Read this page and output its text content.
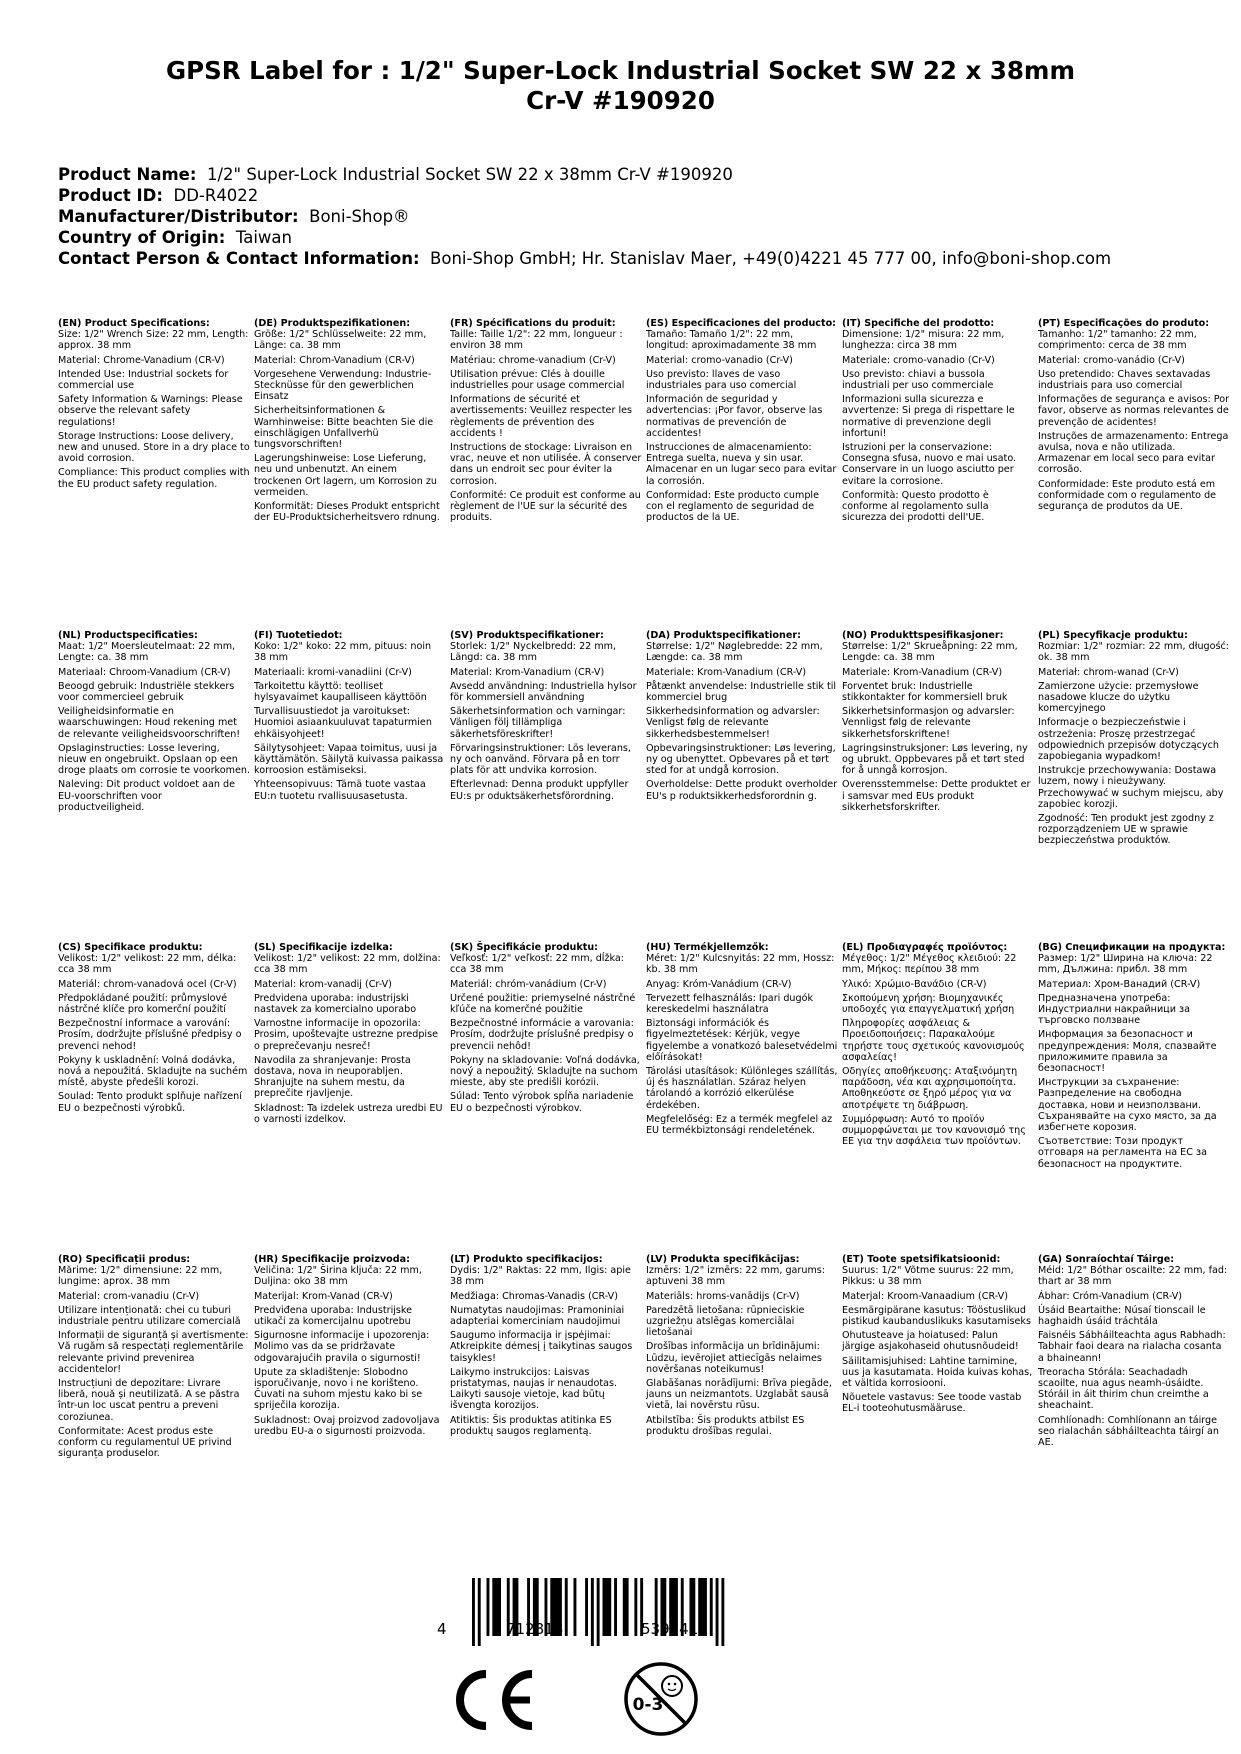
GPSR Label for : 1/2" Super-Lock Industrial Socket SW 22 x 38mm
Cr-V #190920
Product Name: 1/2" Super-Lock Industrial Socket SW 22 x 38mm Cr-V #190920
Product ID: DD-R4022
Manufacturer/Distributor: Boni-Shop®
Country of Origin: Taiwan
Contact Person & Contact Information: Boni-Shop GmbH; Hr. Stanislav Maer, +49(0)4221 45 777 00, info@boni-shop.com
(EN) Product Specifications:

Size: 1/2" Wrench Size: 22 mm, Length: approx. 38 mm

Material: Chrome-Vanadium (CR-V)

Intended Use: Industrial sockets for commercial use

Safety Information & Warnings: Please observe the relevant safety regulations!

Storage Instructions: Loose delivery, new and unused. Store in a dry place to avoid corrosion.

Compliance: This product complies with the EU product safety regulation.

(DE) Produktspezifikationen:

Größe: 1/2" Schlüsselweite: 22 mm, Länge: ca. 38 mm

Material: Chrom-Vanadium (CR-V)

Vorgesehene Verwendung: Industrie-Stecknüsse für den gewerblichen Einsatz

Sicherheitsinformationen & Warnhinweise: Bitte beachten Sie die einschlägigen Unfallverhü tungsvorschriften!

Lagerungshinweise: Lose Lieferung, neu und unbenutzt. An einem trockenen Ort lagern, um Korrosion zu vermeiden.

Konformität: Dieses Produkt entspricht der EU-Produktsicherheitsvero rdnung.

(FR) Spécifications du produit:

Taille: Taille 1/2": 22 mm, longueur : environ 38 mm

Matériau: chrome-vanadium (Cr-V)

Utilisation prévue: Clés à douille industrielles pour usage commercial

Informations de sécurité et avertissements: Veuillez respecter les règlements de prévention des accidents !

Instructions de stockage: Livraison en vrac, neuve et non utilisée. À conserver dans un endroit sec pour éviter la corrosion.

Conformité: Ce produit est conforme au règlement de l'UE sur la sécurité des produits.

(ES) Especificaciones del producto:

Tamaño: Tamaño 1/2": 22 mm, longitud: aproximadamente 38 mm

Material: cromo-vanadio (Cr-V)

Uso previsto: llaves de vaso industriales para uso comercial

Información de seguridad y advertencias: ¡Por favor, observe las normativas de prevención de accidentes!

Instrucciones de almacenamiento: Entrega suelta, nueva y sin usar. Almacenar en un lugar seco para evitar la corrosión.

Conformidad: Este producto cumple con el reglamento de seguridad de productos de la UE.

(IT) Specifiche del prodotto:

Dimensione: 1/2" misura: 22 mm, lunghezza: circa 38 mm

Materiale: cromo-vanadio (Cr-V)

Uso previsto: chiavi a bussola industriali per uso commerciale

Informazioni sulla sicurezza e avvertenze: Si prega di rispettare le normative di prevenzione degli infortuni!

Istruzioni per la conservazione: Consegna sfusa, nuovo e mai usato. Conservare in un luogo asciutto per evitare la corrosione.

Conformità: Questo prodotto è conforme al regolamento sulla sicurezza dei prodotti dell'UE.

(PT) Especificações do produto:

Tamanho: 1/2" tamanho: 22 mm, comprimento: cerca de 38 mm

Material: cromo-vanádio (Cr-V)

Uso pretendido: Chaves sextavadas industriais para uso comercial

Informações de segurança e avisos: Por favor, observe as normas relevantes de prevenção de acidentes!

Instruções de armazenamento: Entrega avulsa, nova e não utilizada. Armazenar em local seco para evitar corrosão.

Conformidade: Este produto está em conformidade com o regulamento de segurança de produtos da UE.

(NL) Productspecificaties:

Maat: 1/2" Moersleutelmaat: 22 mm, Lengte: ca. 38 mm

Materiaal: Chroom-Vanadium (CR-V)

Beoogd gebruik: Industriële stekkers voor commercieel gebruik

Veiligheidsinformatie en waarschuwingen: Houd rekening met de relevante veiligheidsvoorschriften!

Opslaginstructies: Losse levering, nieuw en ongebruikt. Opslaan op een droge plaats om corrosie te voorkomen.

Naleving: Dit product voldoet aan de EU-voorschriften voor productveiligheid.

(FI) Tuotetiedot:

Koko: 1/2" koko: 22 mm, pituus: noin 38 mm

Materiaali: kromi-vanadiini (Cr-V)

Tarkoitettu käyttö: teolliset hylsyavaimet kaupalliseen käyttöön

Turvallisuustiedot ja varoitukset: Huomioi asiaankuuluvat tapaturmien ehkäisyohjeet!

Säilytysohjeet: Vapaa toimitus, uusi ja käyttämätön. Säilytä kuivassa paikassa korroosion estämiseksi.

Yhteensopivuus: Tämä tuote vastaa EU:n tuotetu rvallisuusasetusta.

(SV) Produktspecifikationer:

Storlek: 1/2" Nyckelbredd: 22 mm, Längd: ca. 38 mm

Material: Krom-Vanadium (CR-V)

Avsedd användning: Industriella hylsor för kommersiell användning

Säkerhetsinformation och varningar: Vänligen följ tillämpliga säkerhetsföreskrifter!

Förvaringsinstruktioner: Lös leverans, ny och oanvänd. Förvara på en torr plats för att undvika korrosion.

Efterlevnad: Denna produkt uppfyller EU:s pr oduktsäkerhetsförordning.

(DA) Produktspecifikationer:

Størrelse: 1/2" Nøglebredde: 22 mm, Længde: ca. 38 mm

Materiale: Krom-Vanadium (CR-V)

Påtænkt anvendelse: Industrielle stik til kommerciel brug

Sikkerhedsinformation og advarsler: Venligst følg de relevante sikkerhedsbestemmelser!

Opbevaringsinstruktioner: Løs levering, ny og ubenyttet. Opbevares på et tørt sted for at undgå korrosion.

Overholdelse: Dette produkt overholder EU's p roduktsikkerhedsforordnin g.

(NO) Produkttspesifikasjoner:

Størrelse: 1/2" Skrueåpning: 22 mm, Lengde: ca. 38 mm

Materiale: Krom-Vanadium (CR-V)

Forventet bruk: Industrielle stikkontakter for kommersiell bruk

Sikkerhetsinformasjon og advarsler: Vennligst følg de relevante sikkerhetsforskriftene!

Lagringsinstruksjoner: Løs levering, ny og ubrukt. Oppbevares på et tørt sted for å unngå korrosjon.

Overensstemmelse: Dette produktet er i samsvar med EUs produkt sikkerhetsforskrifter.

(PL) Specyfikacje produktu:

Rozmiar: 1/2" rozmiar: 22 mm, długość: ok. 38 mm

Materiał: chrom-wanad (Cr-V)

Zamierzone użycie: przemysłowe nasadowe klucze do użytku komercyjnego

Informacje o bezpieczeństwie i ostrzeżenia: Proszę przestrzegać odpowiednich przepisów dotyczących zapobiegania wypadkom!

Instrukcje przechowywania: Dostawa luzem, nowy i nieużywany. Przechowywać w suchym miejscu, aby zapobiec korozji.

Zgodność: Ten produkt jest zgodny z rozporządzeniem UE w sprawie bezpieczeństwa produktów.

(CS) Specifikace produktu:

Velikost: 1/2" velikost: 22 mm, délka: cca 38 mm

Materiál: chrom-vanadová ocel (Cr-V)

Předpokládané použití: průmyslové nástrčné klíče pro komerční použití

Bezpečnostní informace a varování: Prosím, dodržujte příslušné předpisy o prevenci nehod!

Pokyny k uskladnění: Volná dodávka, nová a nepoužitá. Skladujte na suchém místě, abyste předešli korozi.

Soulad: Tento produkt splňuje nařízení EU o bezpečnosti výrobků.

(SL) Specifikacije izdelka:

Velikost: 1/2" velikost: 22 mm, dolžina: cca 38 mm

Material: krom-vanadij (Cr-V)

Predvidena uporaba: industrijski nastavek za komercialno uporabo

Varnostne informacije in opozorila: Prosim, upoštevajte ustrezne predpise o preprečevanju nesreč!

Navodila za shranjevanje: Prosta dostava, nova in neuporabljen. Shranjujte na suhem mestu, da preprečite rjavljenje.

Skladnost: Ta izdelek ustreza uredbi EU o varnosti izdelkov.

(SK) Špecifikácie produktu:

Veľkosť: 1/2" veľkosť: 22 mm, dĺžka: cca 38 mm

Materiál: chróm-vanádium (Cr-V)

Určené použitie: priemyselné nástrčné kľúče na komerčné použitie

Bezpečnostné informácie a varovania: Prosím, dodržujte príslušné predpisy o prevencii nehôd!

Pokyny na skladovanie: Voľná dodávka, nový a nepoužitý. Skladujte na suchom mieste, aby ste predišli korózii.

Súlad: Tento výrobok spĺňa nariadenie EU o bezpečnosti výrobkov.

(HU) Termékjellemzők:

Méret: 1/2" Kulcsnyitás: 22 mm, Hossz: kb. 38 mm

Anyag: Króm-Vanádium (CR-V)

Tervezett felhasználás: Ipari dugók kereskedelmi használatra

Biztonsági információk és figyelmeztetések: Kérjük, vegye figyelembe a vonatkozó balesetvédelmi előírásokat!

Tárolási utasítások: Különleges szállítás, új és használatlan. Száraz helyen tárolandó a korrózió elkerülése érdekében.

Megfelelőség: Ez a termék megfelel az EU termékbiztonsági rendeletének.

(EL) Προδιαγραφές προϊόντος:

Μέγεθος: 1/2" Μέγεθος κλειδιού: 22 mm, Μήκος: περίπου 38 mm

Υλικό: Χρώμιο-Βανάδιο (CR-V)

Σκοπούμενη χρήση: Βιομηχανικές υποδοχές για επαγγελματική χρήση

Πληροφορίες ασφάλειας & Προειδοποιήσεις: Παρακαλούμε τηρήστε τους σχετικούς κανονισμούς ασφαλείας!

Οδηγίες αποθήκευσης: Αταξινόμητη παράδοση, νέα και αχρησιμοποίητα. Αποθηκεύστε σε ξηρό μέρος για να αποτρέψετε τη διάβρωση.

Συμμόρφωση: Αυτό το προϊόν συμμορφώνεται με τον κανονισμό της ΕΕ για την ασφάλεια των προϊόντων.

(BG) Спецификации на продукта:

Размер: 1/2" Ширина на ключа: 22 mm, Дължина: прибл. 38 mm

Материал: Хром-Ванадий (CR-V)

Предназначена употреба: Индустриални накрайници за търговско ползване

Информация за безопасност и предупреждения: Моля, спазвайте приложимите правила за безопасност!

Инструкции за съхранение: Разпределение на свободна доставка, нови и неизползвани. Съхранявайте на сухо място, за да избегнете корозия.

Съответствие: Този продукт отговаря на регламента на ЕС за безопасност на продуктите.

(RO) Specificații produs:

Mărime: 1/2" dimensiune: 22 mm, lungime: aprox. 38 mm

Material: crom-vanadiu (Cr-V)

Utilizare intenționată: chei cu tuburi industriale pentru utilizare comercială

Informații de siguranță și avertismente: Vă rugăm să respectați reglementările relevante privind prevenirea accidentelor!

Instrucțiuni de depozitare: Livrare liberă, nouă și neutilizată. A se păstra într-un loc uscat pentru a preveni coroziunea.

Conformitate: Acest produs este conform cu regulamentul UE privind siguranța produselor.

(HR) Specifikacije proizvoda:

Veličina: 1/2" Širina ključa: 22 mm, Duljina: oko 38 mm

Materijal: Krom-Vanad (CR-V)

Predviđena uporaba: Industrijske utikači za komercijalnu upotrebu

Sigurnosne informacije i upozorenja: Molimo vas da se pridržavate odgovarajućih pravila o sigurnosti!

Upute za skladištenje: Slobodno isporučivanje, novo i ne korišteno. Čuvati na suhom mjestu kako bi se spriječila korozija.

Sukladnost: Ovaj proizvod zadovoljava uredbu EU-a o sigurnosti proizvoda.

(LT) Produkto specifikacijos:

Dydis: 1/2" Raktas: 22 mm, Ilgis: apie 38 mm

Medžiaga: Chromas-Vanadis (CR-V)

Numatytas naudojimas: Pramoniniai adapteriai komerciniam naudojimui

Saugumo informacija ir įspėjimai: Atkreipkite dėmesį į taikytinas saugos taisykles!

Laikymo instrukcijos: Laisvas pristatymas, naujas ir nenaudotas. Laikyti sausoje vietoje, kad būtų išvengta korozijos.

Atitiktis: Šis produktas atitinka ES produktų saugos reglamentą.

(LV) Produkta specifikācijas:

Izmērs: 1/2" izmērs: 22 mm, garums: aptuveni 38 mm

Materiāls: hroms-vanādijs (Cr-V)

Paredzētā lietošana: rūpnieciskie uzgriežņu atslēgas komerciālai lietošanai

Drošības informācija un brīdinājumi: Lūdzu, ievērojiet attiecīgās nelaimes novēršanas noteikumus!

Glabāšanas norādījumi: Brīva piegāde, jauns un neizmantots. Uzglabāt sausā vietā, lai novērstu rūsu.

Atbilstība: Šis produkts atbilst ES produktu drošības regulai.

(ET) Toote spetsifikatsioonid:

Suurus: 1/2" Võtme suurus: 22 mm, Pikkus: u 38 mm

Materjal: Kroom-Vanaadium (CR-V)

Eesmärgipärane kasutus: Tööstuslikud pistikud kaubanduslikuks kasutamiseks

Ohutusteave ja hoiatused: Palun järgige asjakohaseid ohutusnõudeid!

Säilitamisjuhised: Lahtine tarnimine, uus ja kasutamata. Hoida kuivas kohas, et vältida korrosiooni.

Nõuetele vastavus: See toode vastab EL-i tooteohutusmääruse.

(GA) Sonraíochtaí Táirge:

Méid: 1/2" Bóthar oscailte: 22 mm, fad: thart ar 38 mm

Ábhar: Cróm-Vanadium (CR-V)

Úsáid Beartaithe: Núsaí tionscail le haghaidh úsáid tráchtála

Faisnéis Sábháilteachta agus Rabhadh: Tabhair faoi deara na rialacha cosanta a bhaineann!

Treoracha Stórála: Seachadadh scaoilte, nua agus neamh-úsáidte. Stóráil in áit thirim chun creimthe a sheachaint.

Comhlíonadh: Comhlíonann an táirge seo rialachán sábháilteachta táirgí an AE.

4	712818	539141
0-3
